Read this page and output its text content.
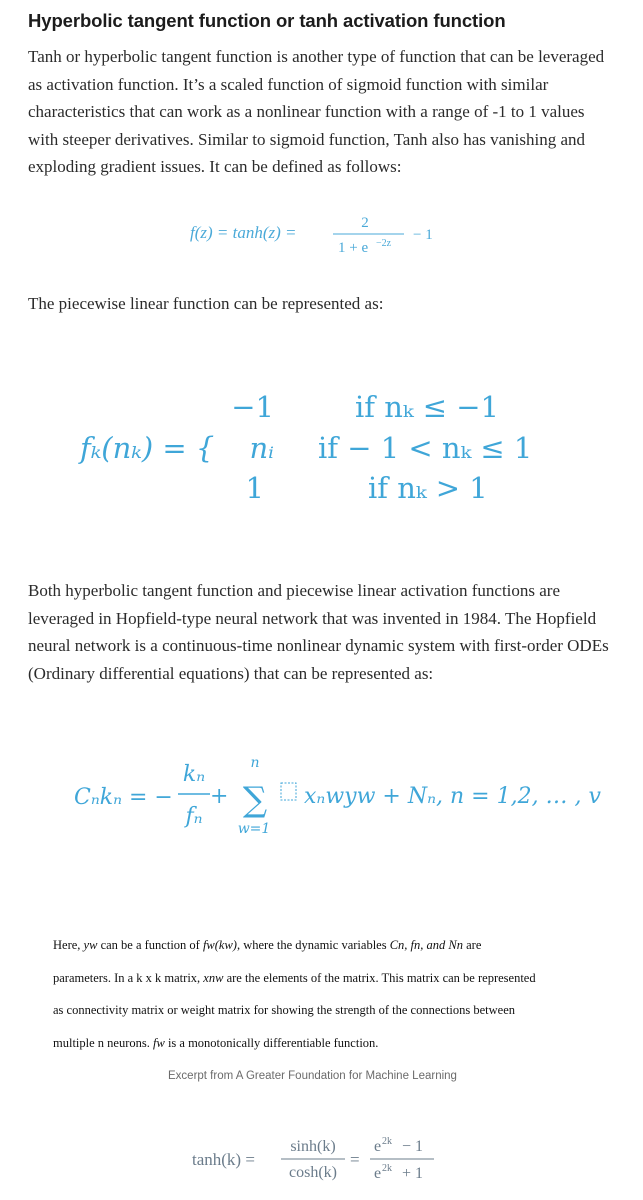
Hyperbolic tangent function or tanh activation function

Tanh or hyperbolic tangent function is another type of function that can be leveraged as activation function. It’s a scaled function of sigmoid function with similar characteristics that can work as a nonlinear function with a range of -1 to 1 values with steeper derivatives. Similar to sigmoid function, Tanh also has vanishing and exploding gradient issues. It can be defined as follows:

f(z) = tanh(z) =	2
1 + e −2z
− 1

The piecewise linear function can be represented as:

fₖ(nₖ) = {
−1
nᵢ
1
if nₖ ≤ −1
if − 1 < nₖ ≤ 1
if nₖ > 1

Both hyperbolic tangent function and piecewise linear activation functions are leveraged in Hopfield-type neural network that was invented in 1984. The Hopfield neural network is a continuous-time nonlinear dynamic system with first-order ODEs (Ordinary differential equations) that can be represented as:

Cₙkₙ = −
kₙ
fₙ
+
n
∑
w=1
xₙwyw + Nₙ, n = 1,2, … , v
Here, yw can be a function of fw(kw), where the dynamic variables Cn, fn, and Nn are
parameters. In a k x k matrix, xnw are the elements of the matrix. This matrix can be represented
as connectivity matrix or weight matrix for showing the strength of the connections between
multiple n neurons. fw is a monotonically differentiable function.
Excerpt from A Greater Foundation for Machine Learning
tanh(k) =
sinh(k)
cosh(k)
=
e 2k − 1
e 2k + 1
